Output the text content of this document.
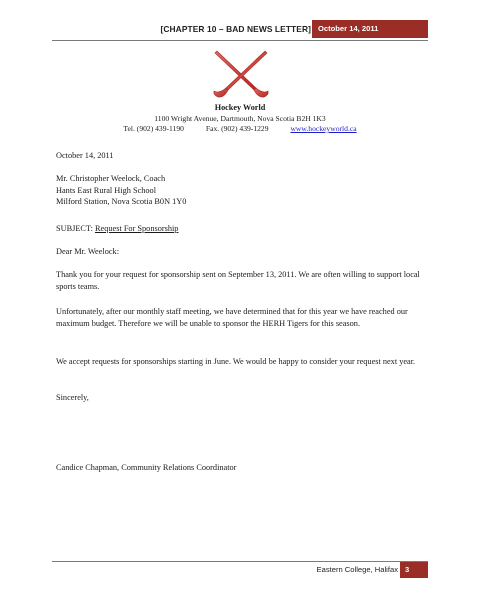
[CHAPTER 10 – BAD NEWS LETTER] October 14, 2011
Hockey World
1100 Wright Avenue, Dartmouth, Nova Scotia B2H 1K3
Tel. (902) 439-1190	Fax. (902) 439-1229	www.hockeyworld.ca
October 14, 2011
Mr. Christopher Weelock, Coach
Hants East Rural High School
Milford Station, Nova Scotia B0N 1Y0
SUBJECT: Request For Sponsorship
Dear Mr. Weelock:
Thank you for your request for sponsorship sent on September 13, 2011. We are often willing to support local sports teams.
Unfortunately, after our monthly staff meeting, we have determined that for this year we have reached our maximum budget. Therefore we will be unable to sponsor the HERH Tigers for this season.
We accept requests for sponsorships starting in June. We would be happy to consider your request next year.
Sincerely,
Candice Chapman, Community Relations Coordinator
Eastern College, Halifax 3
